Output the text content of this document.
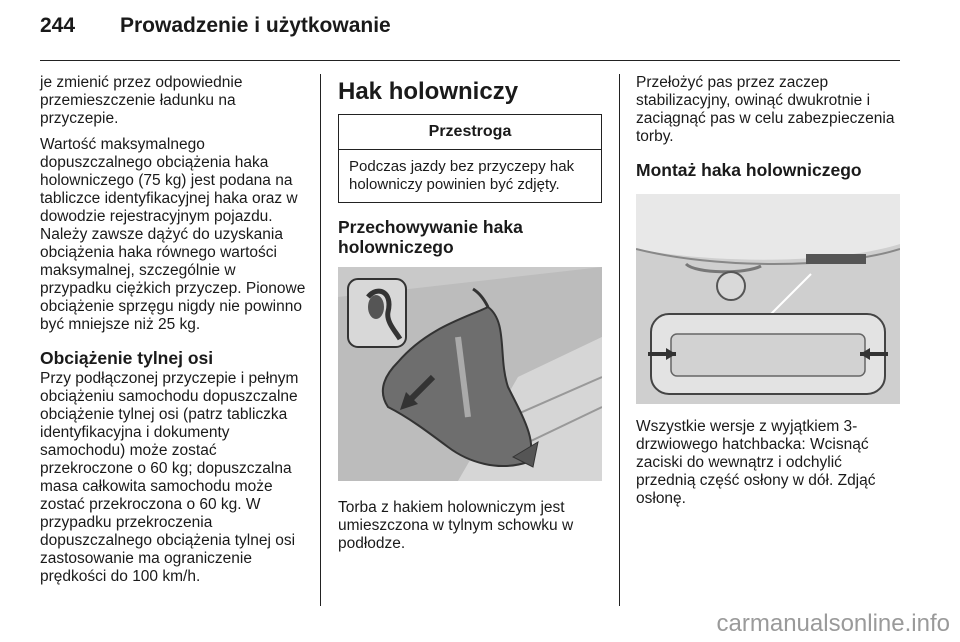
244	Prowadzenie i użytkowanie

je zmienić przez odpowiednie przemieszczenie ładunku na przyczepie.

Wartość maksymalnego dopuszczalnego obciążenia haka holowniczego (75 kg) jest podana na tabliczce identyfikacyjnej haka oraz w dowodzie rejestracyjnym pojazdu. Należy zawsze dążyć do uzyskania obciążenia haka równego wartości maksymalnej, szczególnie w przypadku ciężkich przyczep. Pionowe obciążenie sprzęgu nigdy nie powinno być mniejsze niż 25 kg.

Obciążenie tylnej osi

Przy podłączonej przyczepie i pełnym obciążeniu samochodu dopuszczalne obciążenie tylnej osi (patrz tabliczka identyfikacyjna i dokumenty samochodu) może zostać przekroczone o 60 kg; dopuszczalna masa całkowita samochodu może zostać przekroczona o 60 kg. W przypadku przekroczenia dopuszczalnego obciążenia tylnej osi zastosowanie ma ograniczenie prędkości do 100 km/h.

Hak holowniczy
Przestroga
Podczas jazdy bez przyczepy hak holowniczy powinien być zdjęty.
Przechowywanie haka holowniczego

Torba z hakiem holowniczym jest umieszczona w tylnym schowku w podłodze.

Przełożyć pas przez zaczep stabilizacyjny, owinąć dwukrotnie i zaciągnąć pas w celu zabezpieczenia torby.

Montaż haka holowniczego

Wszystkie wersje z wyjątkiem 3-drzwiowego hatchbacka: Wcisnąć zaciski do wewnątrz i odchylić przednią część osłony w dół. Zdjąć osłonę.

carmanualsonline.info
